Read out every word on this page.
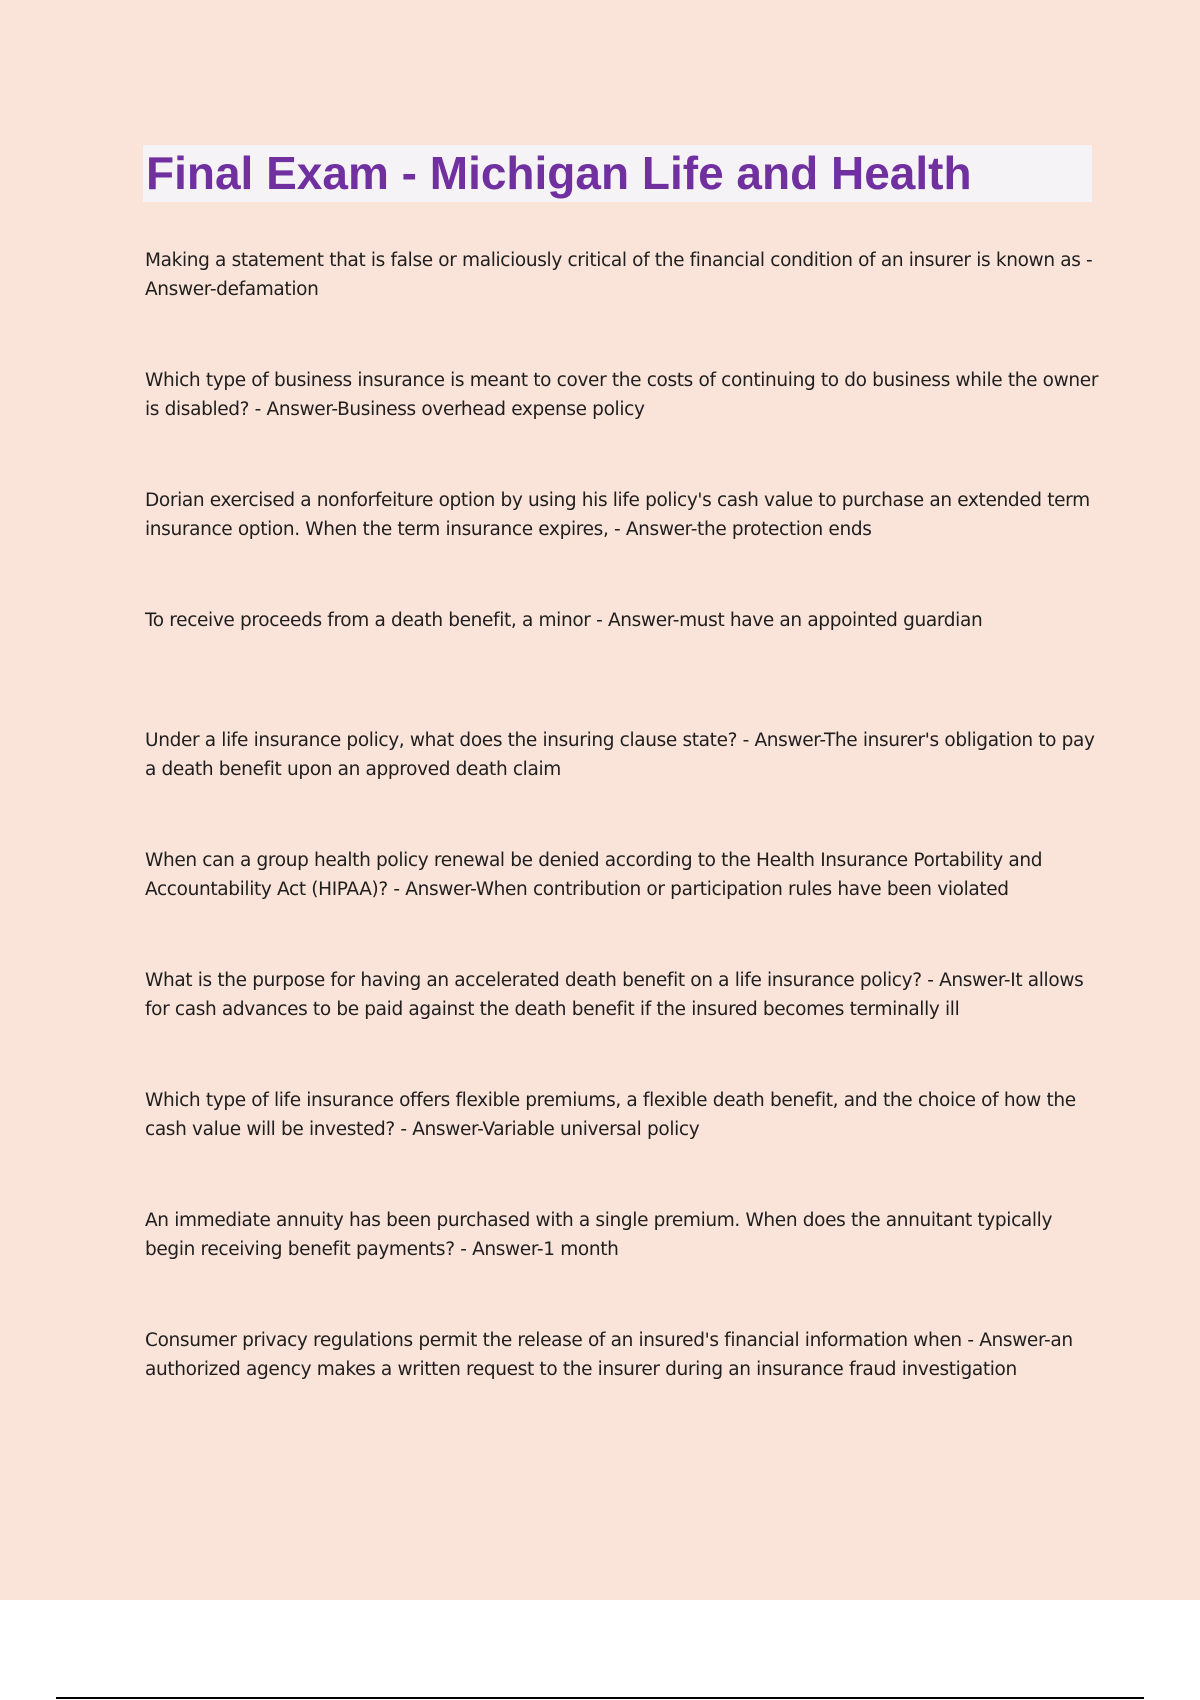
Final Exam - Michigan Life and Health
Making a statement that is false or maliciously critical of the financial condition of an insurer is known as - Answer-defamation
Which type of business insurance is meant to cover the costs of continuing to do business while the owner is disabled? - Answer-Business overhead expense policy
Dorian exercised a nonforfeiture option by using his life policy's cash value to purchase an extended term insurance option. When the term insurance expires, - Answer-the protection ends
To receive proceeds from a death benefit, a minor - Answer-must have an appointed guardian
Under a life insurance policy, what does the insuring clause state? - Answer-The insurer's obligation to pay a death benefit upon an approved death claim
When can a group health policy renewal be denied according to the Health Insurance Portability and Accountability Act (HIPAA)? - Answer-When contribution or participation rules have been violated
What is the purpose for having an accelerated death benefit on a life insurance policy? - Answer-It allows for cash advances to be paid against the death benefit if the insured becomes terminally ill
Which type of life insurance offers flexible premiums, a flexible death benefit, and the choice of how the cash value will be invested? - Answer-Variable universal policy
An immediate annuity has been purchased with a single premium. When does the annuitant typically begin receiving benefit payments? - Answer-1 month
Consumer privacy regulations permit the release of an insured's financial information when - Answer-an authorized agency makes a written request to the insurer during an insurance fraud investigation
